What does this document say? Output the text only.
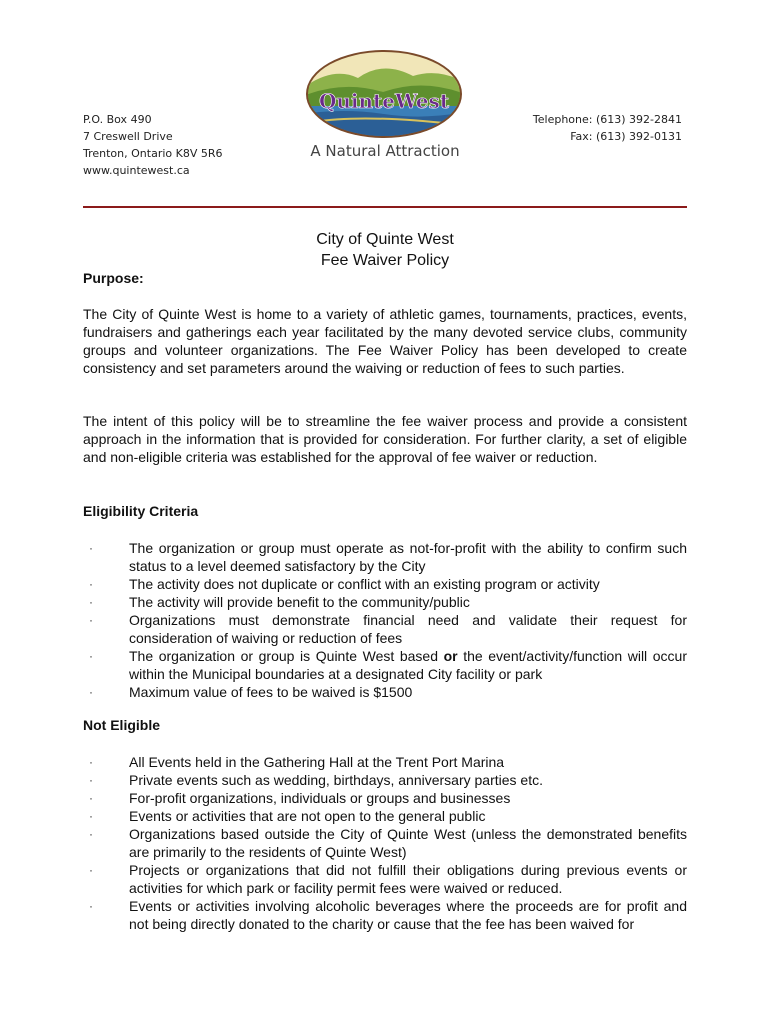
P.O. Box 490
7 Creswell Drive
Trenton, Ontario K8V 5R6
www.quintewest.ca
QuinteWest
A Natural Attraction
Telephone: (613) 392-2841
Fax: (613) 392-0131
City of Quinte West
Fee Waiver Policy
Purpose:
The City of Quinte West is home to a variety of athletic games, tournaments, practices, events, fundraisers and gatherings each year facilitated by the many devoted service clubs, community groups and volunteer organizations. The Fee Waiver Policy has been developed to create consistency and set parameters around the waiving or reduction of fees to such parties.
The intent of this policy will be to streamline the fee waiver process and provide a consistent approach in the information that is provided for consideration. For further clarity, a set of eligible and non-eligible criteria was established for the approval of fee waiver or reduction.
Eligibility Criteria
·	The organization or group must operate as not-for-profit with the ability to confirm such status to a level deemed satisfactory by the City
·	The activity does not duplicate or conflict with an existing program or activity
·	The activity will provide benefit to the community/public
·	Organizations must demonstrate financial need and validate their request for consideration of waiving or reduction of fees
·	The organization or group is Quinte West based or the event/activity/function will occur within the Municipal boundaries at a designated City facility or park
·	Maximum value of fees to be waived is $1500
Not Eligible
·	All Events held in the Gathering Hall at the Trent Port Marina
·	Private events such as wedding, birthdays, anniversary parties etc.
·	For-profit organizations, individuals or groups and businesses
·	Events or activities that are not open to the general public
·	Organizations based outside the City of Quinte West (unless the demonstrated benefits are primarily to the residents of Quinte West)
·	Projects or organizations that did not fulfill their obligations during previous events or activities for which park or facility permit fees were waived or reduced.
·	Events or activities involving alcoholic beverages where the proceeds are for profit and not being directly donated to the charity or cause that the fee has been waived for
